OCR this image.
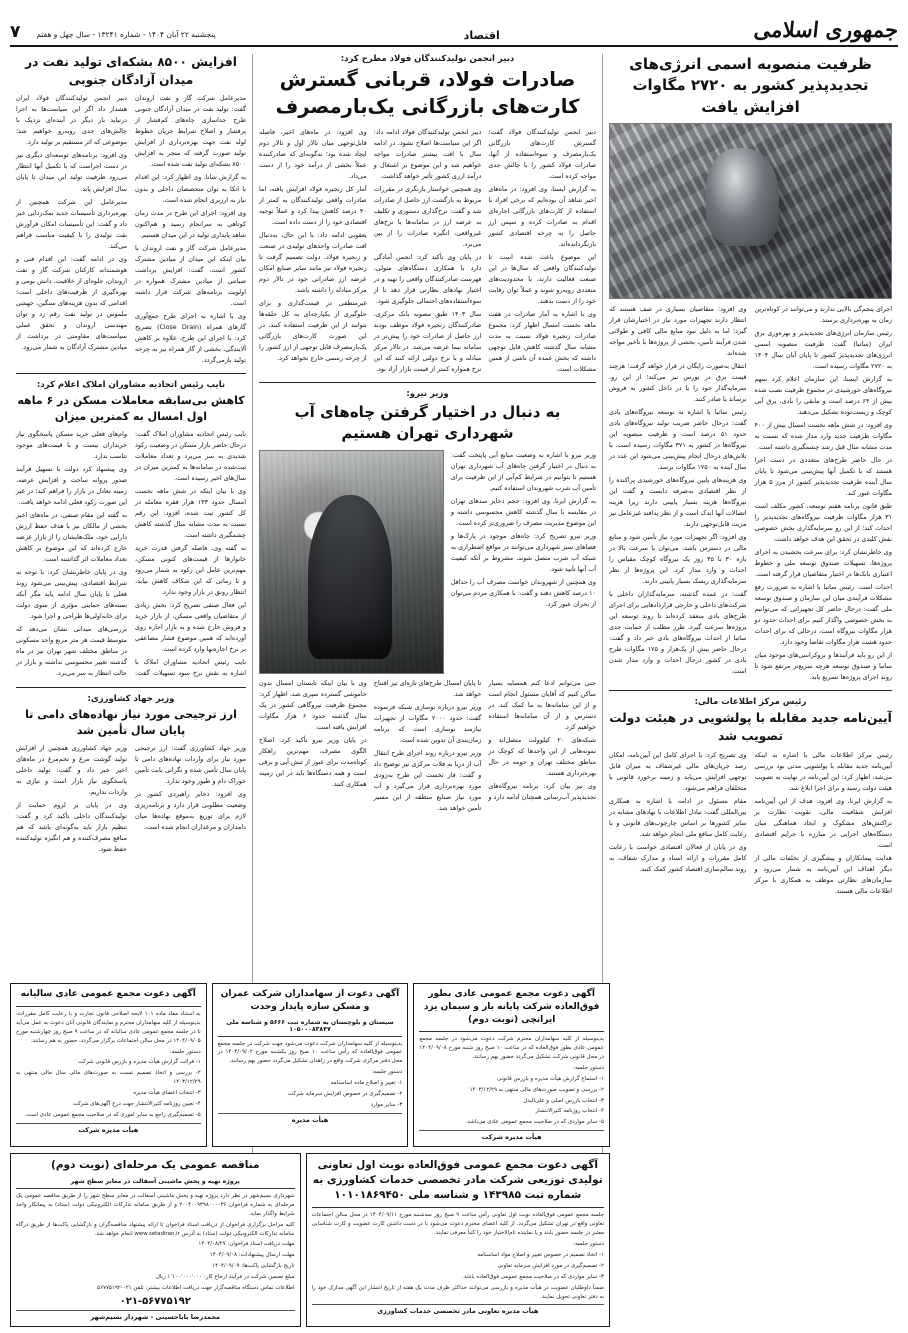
جمهوری اسلامی
اقتصاد
پنجشنبه ۲۲ آبان ۱۴۰۴ - شماره ۱۳۲۴۱ - سال چهل و هفتم
۷
ظرفیت منصوبه اسمی انرژی‌های تجدیدپذیر کشور به ۲۷۲۰ مگاوات افزایش یافت

اجرای پنجم‌گی بالایی ندارند و می‌توانند در کوتاه‌ترین زمان به بهره‌برداری برسند.

رئیس سازمان انرژی‌های تجدیدپذیر و بهره‌وری برق ایران (ساتبا) گفت: ظرفیت منصوبه اسمی انرژی‌های تجدیدپذیر کشور تا پایان آبان سال ۱۴۰۴ به ۲۷۲۰ مگاوات رسیده است.

به گزارش ایسنا، این سازمان اعلام کرد سهم نیروگاه‌های خورشیدی در مجموع ظرفیت نصب شده بیش از ۶۴ درصد است و مابقی را بادی، برق آبی کوچک و زیست‌توده تشکیل می‌دهند.

وی افزود: در شش ماهه نخست امسال بیش از ۴۰۰ مگاوات ظرفیت جدید وارد مدار شده که نسبت به مدت مشابه سال قبل رشد چشمگیری داشته است.

در حال حاضر طرح‌های متعددی در دست اجرا هستند که با تکمیل آنها پیش‌بینی می‌شود تا پایان سال آینده ظرفیت تجدیدپذیر کشور از مرز ۵ هزار مگاوات عبور کند.

طبق قانون برنامه هفتم توسعه، کشور مکلف است ۳۱ هزار مگاوات ظرفیت نیروگاه‌های تجدیدپذیر را احداث کند؛ از این رو سرمایه‌گذاری بخش خصوصی نقش کلیدی در تحقق این هدف خواهد داشت.

وی خاطرنشان کرد: برای سرعت بخشیدن به اجرای پروژه‌ها، تسهیلات صندوق توسعه ملی و خطوط اعتباری بانک‌ها در اختیار متقاضیان قرار گرفته است.

احداث است. رئیس ساتبا با اشاره به ضرورت رفع مشکلات فرآیندی میان این سازمان و صندوق توسعه ملی گفت: درحال حاضر کل تجهیزاتی که می‌توانیم به بخش خصوصی واگذار کنیم برای احداث حدود دو هزار مگاوات نیروگاه است، درحالی که برای احداث حدود هشت هزار مگاوات تقاضا وجود دارد.

از این رو باید فرآیندها و بروکراسی‌های موجود میان ساتبا و صندوق توسعه هرچه سریع‌تر مرتفع شود تا روند اجرای پروژه‌ها تسریع یابد.

وی افزود: متقاضیان بسیاری در صف هستند که انتظار دارند تجهیزات مورد نیاز در اختیارشان قرار گیرد؛ اما به دلیل نبود منابع مالی کافی و طولانی شدن فرآیند تأمین، بخشی از پروژه‌ها با تأخیر مواجه شده‌اند.

انتقال به‌صورت رایگان در قرار خواهد گرفت؛ هرچند قیمت برق در بورس نیز می‌کند؛ از این رو، سرمایه‌گذار خود را یا در داخل کشور به فروش برساند یا صادر کنند.

رئیس ساتبا با اشاره به توسعه نیروگاه‌های بادی گفت: درحال حاضر ضریب تولید نیروگاه‌های بادی حدود ۵۱ درصد است و ظرفیت منصوبه این نیروگاه‌ها در کشور به ۳۷۱ مگاوات رسیده است. با تلاش‌های درحال انجام پیش‌بینی می‌شود این عدد در سال آینده به ۱۷۵۰ مگاوات برسد.

وی هزینه‌های پایین نیروگاه‌های خورشیدی پراکنده را از نظر اقتصادی به‌صرفه دانست و گفت این نیروگاه‌ها هزینه بسیار پایینی دارند زیرا هزینه اتصالات آنها اندک است و از نظر پدافند غیرعامل نیز مزیت قابل‌توجهی دارند.

وی افزود: اگر تجهیزات مورد نیاز تأمین شود و منابع مالی در دسترس باشد، می‌توان با سرعت بالا در بازه ۳۰ تا ۴۵ روز یک نیروگاه کوچک مقیاس را احداث و وارد مدار کرد. این پروژه‌ها از نظر سرمایه‌گذاری ریسک بسیار پایینی دارند.

گفت: در عمده گذشته، سرمایه‌گذاران داخلی با شرکت‌های داخلی و خارجی قراردادهایی برای اجرای طرح‌های بادی منعقد کرده‌اند تا روند توسعه این پروژه‌ها سرعت گیرد، طرز مطلب از حمایت جدی ساتبا از احداث نیروگاه‌های بادی خبر داد و گفت: درحال حاضر بیش از یک‌هزار و ۱۷۵ مگاوات طرح بادی در کشور درحال احداث و وارد مدار شدن است.

رئیس مرکز اطلاعات مالی:
آیین‌نامه جدید مقابله با پولشویی در هیئت دولت تصویب شد

رئیس مرکز اطلاعات مالی با اشاره به اینکه آیین‌نامه جدید مقابله با پولشویی مدتی بود بررسی می‌شد، اظهار کرد: این آیین‌نامه در نهایت به تصویب هیئت دولت رسید و برای اجرا ابلاغ شد.

به گزارش ایرنا، وی افزود: هدف از این آیین‌نامه افزایش شفافیت مالی، تقویت نظارت بر تراکنش‌های مشکوک و ایجاد هماهنگی میان دستگاه‌های اجرایی در مبارزه با جرایم اقتصادی است.

هدایت پیمانکاران و پیشگیری از تخلفات مالی از دیگر اهداف این آیین‌نامه به شمار می‌رود و سازمان‌های نظارتی موظف به همکاری با مرکز اطلاعات مالی هستند.

وی تصریح کرد: با اجرای کامل این آیین‌نامه، امکان رصد جریان‌های مالی غیرشفاف به میزان قابل توجهی افزایش می‌یابد و زمینه برخورد قانونی با متخلفان فراهم می‌شود.

مقام مسئول در ادامه با اشاره به همکاری بین‌المللی گفت: تبادل اطلاعات با نهادهای مشابه در سایر کشورها بر اساس چارچوب‌های قانونی و با رعایت کامل منافع ملی انجام خواهد شد.

وی در پایان از فعالان اقتصادی خواست با رعایت کامل مقررات و ارائه اسناد و مدارک شفاف، به روند سالم‌سازی اقتصاد کشور کمک کنند.

دبیر انجمن تولیدکنندگان فولاد مطرح کرد:
صادرات فولاد، قربانی گسترش کارت‌های بازرگانی یک‌بارمصرف

دبیر انجمن تولیدکنندگان فولاد گفت: گسترش کارت‌های بازرگانی یک‌بارمصرف و سوءاستفاده از آنها، صادرات فولاد کشور را با چالش جدی مواجه کرده است.

به گزارش ایسنا، وی افزود: در ماه‌های اخیر شاهد آن بوده‌ایم که برخی افراد با استفاده از کارت‌های بازرگانی اجاره‌ای اقدام به صادرات کرده و سپس ارز حاصل را به چرخه اقتصادی کشور بازنگردانده‌اند.

این موضوع باعث شده است تا تولیدکنندگان واقعی که سال‌ها در این صنعت فعالیت دارند، با محدودیت‌های متعددی روبه‌رو شوند و عملاً توان رقابت خود را از دست بدهند.

وی با اشاره به آمار صادرات در هفت ماهه نخست امسال اظهار کرد: مجموع صادرات زنجیره فولاد نسبت به مدت مشابه سال گذشته کاهش قابل توجهی داشته که بخش عمده آن ناشی از همین مشکلات است.

دبیر انجمن تولیدکنندگان فولاد ادامه داد: اگر این سیاست‌ها اصلاح نشود، در ادامه سال با افت بیشتر صادرات مواجه خواهیم شد و این موضوع بر اشتغال و درآمد ارزی کشور تأثیر خواهد گذاشت.

وی همچنین خواستار بازنگری در مقررات مربوط به بازگشت ارز حاصل از صادرات شد و گفت: نرخ‌گذاری دستوری و تکلیف به عرضه ارز در سامانه‌ها با نرخ‌های غیرواقعی، انگیزه صادرات را از بین می‌برد.

در پایان وی تأکید کرد: انجمن آمادگی دارد با همکاری دستگاه‌های متولی، فهرست صادرکنندگان واقعی را تهیه و در اختیار نهادهای نظارتی قرار دهد تا از سوءاستفاده‌های احتمالی جلوگیری شود.

سال ۱۴۰۳ طبق مصوبه بانک مرکزی، صادرکنندگان زنجیره فولاد موظف بودند ارز حاصل از صادرات خود را پیش‌تر در سامانه نیما عرضه می‌شد. در تالار مرکز مبادله و با نرخ دولتی ارائه کنند که این نرخ همواره کمتر از قیمت بازار آزاد بود.

وی افزود: در ماه‌های اخیر، فاصله قابل‌توجهی میان تالار اول و تالار دوم ایجاد شده بود؛ به‌گونه‌ای که صادرکننده عملاً بخشی از درآمد خود را از دست می‌داد.

آمار کل زنجیره فولاد افزایش یافته، اما صادرات واقعی تولیدکنندگان به کمتر از ۴۰ درصد کاهش پیدا کرد و عملاً توجیه اقتصادی خود را از دست داده است.

یعقوبی ادامه داد: با این حال، به‌دنبال افت صادرات واحدهای تولیدی در صنعت و زنجیره فولاد، دولت تصمیم گرفت تا زنجیره فولاد نیز مانند سایر صنایع امکان عرضه ارز صادراتی خود در تالار دوم مرکز مبادله را داشته باشد.

غیرمنطقی در قیمت‌گذاری و برای جلوگیری از یکپارچه‌ای به کل حلقه‌ها بتوانند از این ظرفیت استفاده کنند، در این صورت کارت‌های بازرگانی یک‌بارمصرف قابل توجهی از ارز کشور را از چرخه رسمی خارج نخواهد کرد.

وزیر نیرو:
به دنبال در اختیار گرفتن چاه‌های آب شهرداری تهران هستیم

وزیر نیرو با اشاره به وضعیت منابع آبی پایتخت گفت: به دنبال در اختیار گرفتن چاه‌های آب شهرداری تهران هستیم تا بتوانیم در شرایط کم‌آبی از این ظرفیت برای تأمین آب شرب شهروندان استفاده کنیم.

به گزارش ایرنا، وی افزود: حجم ذخایر سدهای تهران در مقایسه با سال گذشته کاهش محسوسی داشته و این موضوع مدیریت مصرف را ضروری‌تر کرده است.

وزیر نیرو تصریح کرد: چاه‌های موجود در پارک‌ها و فضاهای سبز شهرداری می‌توانند در مواقع اضطراری به شبکه آب شرب متصل شوند، مشروط بر آنکه کیفیت آب آنها تأیید شود.

وی همچنین از شهروندان خواست مصرف آب را حداقل ۱۰ درصد کاهش دهند و گفت: با همکاری مردم می‌توان از بحران عبور کرد.

حتی می‌توانم ادعا کنم همسایه بسیار ساکن کنیم که آقایان مسئول انجام است و از این سامانه‌ها به ما کمک کند، در دسترس و از آن سامانه‌ها استفاده خواهیم کرد.

شبکه‌های ۲۰ کیلوولت متصل‌اند و نمونه‌هایی از این واحدها که کوچک در مناطق مختلف تهران و حومه در حال بهره‌برداری هستند.

وی نیز بیان کرد: برنامه نیروگاه‌های تجدیدپذیر آب‌رسانی همچنان ادامه دارد و تا پایان امسال طرح‌های تازه‌ای نیز افتتاح خواهد شد.

وزیر نیرو درباره نوسازی شبکه فرسوده گفت: حدود ۲۰۰۰ مگاوات از تجهیزات نیازمند نوسازی است که برنامه زمان‌بندی آن تدوین شده است.

وزیر نیرو درباره روند اجرای طرح انتقال آب از دریا به فلات مرکزی نیز توضیح داد و گفت: فاز نخست این طرح به‌زودی مورد بهره‌برداری قرار می‌گیرد و آب مورد نیاز صنایع منطقه از این مسیر تأمین خواهد شد.

وی با بیان اینکه تابستان امسال بدون خاموشی گسترده سپری شد، اظهار کرد: مجموع ظرفیت نیروگاهی کشور در یک سال گذشته حدود ۶ هزار مگاوات افزایش یافته است.

در پایان وزیر نیرو تأکید کرد: اصلاح الگوی مصرف، مهم‌ترین راهکار کوتاه‌مدت برای عبور از تنش آبی و برقی است و همه دستگاه‌ها باید در این زمینه همکاری کنند.

افزایش ۸۵۰۰ بشکه‌ای تولید نفت در میدان آزادگان جنوبی

مدیرعامل شرکت گاز و نفت اروندان گفت: تولید نفت در میدان آزادگان جنوبی طرح جداسازی چاه‌های کم‌فشار از پرفشار و اصلاح شرایط جریان خطوط لوله نفت جهت بهره‌برداری از افزایش تولید صورت گرفته که منجر به افزایش ۸۵۰۰ بشکه‌ای تولید نفت شده است.

به گزارش شانا، وی اظهار کرد: این اقدام با اتکا به توان متخصصان داخلی و بدون نیاز به ارزبری انجام شده است.

وی افزود: اجرای این طرح در مدت زمان کوتاهی به سرانجام رسید و هم‌اکنون شاهد پایداری تولید در این میدان هستیم.

مدیرعامل شرکت گاز و نفت اروندان با بیان اینکه این میدان از میادین مشترک کشور است، گفت: افزایش برداشت صیانتی از میادین مشترک همواره در اولویت برنامه‌های شرکت قرار داشته است.

وی با اشاره به اجرای طرح جمع‌آوری گازهای همراه (Close Drain) تصریح کرد: با اجرای این طرح، علاوه بر کاهش آلایندگی، بخشی از گاز همراه نیز به چرخه تولید بازمی‌گردد.

دبیر انجمن تولیدکنندگان فولاد ایران هشدار داد اگر این سیاست‌ها به اجرا درنیاید بار دیگر در آینده‌ای نزدیک با چالش‌های جدی روبه‌رو خواهیم شد؛ موضوعی که اثر مستقیم بر تولید دارد.

وی افزود: برنامه‌های توسعه‌ای دیگری نیز در دست اجراست که با تکمیل آنها انتظار می‌رود ظرفیت تولید این میدان تا پایان سال افزایش یابد.

مدیرعامل این شرکت همچنین از بهره‌برداری تأسیسات جدید نمک‌زدایی خبر داد و گفت: این تأسیسات امکان فرآورش نفت تولیدی را با کیفیت مناسب فراهم می‌کند.

وی در ادامه گفت: این اقدام فنی و هوشمندانه کارکنان شرکت گاز و نفت اروندان، جلوه‌ای از خلاقیت، دانش بومی و بهره‌گیری از ظرفیت‌های داخلی است؛ اقدامی که بدون هزینه‌های سنگین، جهشی ملموس در تولید نفت رقم زد و توان مهندسی اروندان و تحقق عملی سیاست‌های مقاومتی در برداشت از میادین مشترک آزادگان به شمار می‌رود.

نایب رئیس اتحادیه مشاوران املاک اعلام کرد:
کاهش بی‌سابقه معاملات مسکن در ۶ ماهه اول امسال به کمترین میزان

نایب رئیس اتحادیه مشاوران املاک گفت: درحال حاضر بازار مسکن در وضعیت رکود شدیدی به سر می‌برد و تعداد معاملات ثبت‌شده در سامانه‌ها به کمترین میزان در سال‌های اخیر رسیده است.

وی با بیان اینکه در شش ماهه نخست امسال حدود ۱۳۳ هزار فقره معامله در کل کشور ثبت شده، افزود: این رقم نسبت به مدت مشابه سال گذشته کاهش چشمگیری داشته است.

به گفته وی، فاصله گرفتن قدرت خرید خانوارها از قیمت‌های کنونی مسکن، مهم‌ترین عامل این رکود به شمار می‌رود و تا زمانی که این شکاف کاهش نیابد، انتظار رونق در بازار وجود ندارد.

این فعال صنفی تصریح کرد: بخش زیادی از متقاضیان واقعی مسکن، از بازار خرید و فروش خارج شده و به بازار اجاره روی آورده‌اند که همین موضوع فشار مضاعفی بر نرخ اجاره‌بها وارد کرده است.

نایب رئیس اتحادیه مشاوران املاک با اشاره به نقش نرخ سود تسهیلات گفت: وام‌های فعلی خرید مسکن پاسخگوی نیاز خریداران نیست و با قیمت‌های موجود تناسب ندارد.

وی پیشنهاد کرد دولت با تسهیل فرآیند صدور پروانه ساخت و افزایش عرضه، زمینه تعادل در بازار را فراهم کند؛ در غیر این صورت رکود فعلی ادامه خواهد یافت.

به گفته این مقام صنفی، در ماه‌های اخیر بخشی از مالکان نیز با هدف حفظ ارزش دارایی خود، ملک‌هایشان را از بازار عرضه خارج کرده‌اند که این موضوع بر کاهش تعداد معاملات اثر گذاشته است.

وی در پایان خاطرنشان کرد: با توجه به شرایط اقتصادی، پیش‌بینی می‌شود روند فعلی تا پایان سال ادامه یابد مگر آنکه بسته‌های حمایتی مؤثری از سوی دولت برای خانه‌اولی‌ها طراحی و اجرا شود.

بررسی‌های میدانی نشان می‌دهد که متوسط قیمت هر متر مربع واحد مسکونی در مناطق مختلف شهر تهران نیز در ماه گذشته تغییر محسوسی نداشته و بازار در حالت انتظار به سر می‌برد.

وزیر جهاد کشاورزی:
ارز ترجیحی مورد نیاز نهاده‌های دامی تا پایان سال تأمین شد

وزیر جهاد کشاورزی گفت: ارز ترجیحی مورد نیاز برای واردات نهاده‌های دامی تا پایان سال تأمین شده و نگرانی بابت تأمین خوراک دام و طیور وجود ندارد.

وی افزود: ذخایر راهبردی کشور در وضعیت مطلوبی قرار دارد و برنامه‌ریزی لازم برای توزیع به‌موقع نهاده‌ها میان دامداران و مرغداران انجام شده است.

وزیر جهاد کشاورزی همچنین از افزایش تولید گوشت مرغ و تخم‌مرغ در ماه‌های اخیر خبر داد و گفت: تولید داخلی پاسخگوی نیاز بازار است و نیازی به واردات نداریم.

وی در پایان بر لزوم حمایت از تولیدکنندگان داخلی تأکید کرد و گفت: تنظیم بازار باید به‌گونه‌ای باشد که هم منافع مصرف‌کننده و هم انگیزه تولیدکننده حفظ شود.

آگهی دعوت مجمع عمومی عادی بطور فوق‌العاده شرکت پایانه بار و سیمان یزد ایرانچی (نوبت دوم)

بدینوسیله از کلیه سهامداران محترم شرکت دعوت می‌شود در جلسه مجمع عمومی عادی بطور فوق‌العاده که در ساعت ۱۰ صبح روز شنبه مورخ ۱۴۰۴/۰۹/۰۸ در محل قانونی شرکت تشکیل می‌گردد حضور بهم رسانند.

دستور جلسه:

۱- استماع گزارش هیأت مدیره و بازرس قانونی

۲- بررسی و تصویب صورت‌های مالی منتهی به ۱۴۰۳/۱۲/۲۹

۳- انتخاب بازرس اصلی و علی‌البدل

۴- انتخاب روزنامه کثیرالانتشار

۵- سایر مواردی که در صلاحیت مجمع عمومی عادی می‌باشد.

هیأت مدیره شرکت
آگهی دعوت از سهامداران شرکت عمران و مسکن سازه پایدار وحدت
سیستان و بلوچستان به شماره ثبت ۵۶۶۶ و شناسه ملی ۱۰۵۰۰۰۸۳۸۴۷

بدینوسیله از کلیه سهامداران شرکت دعوت می‌شود جهت شرکت در جلسه مجمع عمومی فوق‌العاده که رأس ساعت ۱۰ صبح روز یکشنبه مورخ ۱۴۰۴/۰۹/۰۲ در محل دفتر مرکزی شرکت واقع در زاهدان تشکیل می‌گردد حضور بهم رسانند.

دستور جلسه:

۱- تغییر و اصلاح ماده اساسنامه

۲- تصمیم‌گیری در خصوص افزایش سرمایه شرکت

۳- سایر موارد

هیأت مدیره
آگهی دعوت مجمع عمومی عادی سالیانه

به استناد مفاد ماده ۱۰۱ لایحه اصلاحی قانون تجارت و با رعایت کامل مقررات، بدینوسیله از کلیه سهامداران محترم و نمایندگان قانونی آنان دعوت به عمل می‌آید تا در جلسه مجمع عمومی عادی سالیانه که در ساعت ۹ صبح روز چهارشنبه مورخ ۱۴۰۴/۰۹/۰۵ در محل سالن اجتماعات برگزار می‌گردد، حضور به هم رسانند.

دستور جلسه:

۱- قرائت گزارش هیأت مدیره و بازرس قانونی شرکت

۲- بررسی و اتخاذ تصمیم نسبت به صورت‌های مالی سال مالی منتهی به ۱۴۰۳/۱۲/۲۹

۳- انتخاب اعضای هیأت مدیره

۴- تعیین روزنامه کثیرالانتشار جهت درج آگهی‌های شرکت

۵- تصمیم‌گیری راجع به سایر اموری که در صلاحیت مجمع عمومی عادی است.

هیأت مدیره شرکت
آگهی دعوت مجمع عمومی فوق‌العاده نوبت اول تعاونی تولیدی توزیعی شرکت مادر تخصصی خدمات کشاورزی به شماره ثبت ۱۴۳۹۸۵ و شناسه ملی ۱۰۱۰۱۸۶۹۴۵۰

جلسه مجمع عمومی فوق‌العاده نوبت اول تعاونی رأس ساعت ۹ صبح روز سه‌شنبه مورخ ۱۴۰۴/۰۹/۱۱ در محل سالن اجتماعات تعاونی واقع در تهران تشکیل می‌گردد. از کلیه اعضای محترم دعوت می‌شود با در دست داشتن کارت عضویت و کارت شناسایی معتبر در جلسه حضور یابند و یا نماینده تام‌الاختیار خود را کتباً معرفی نمایند.

دستور جلسه:

۱- اتخاذ تصمیم در خصوص تغییر و اصلاح مواد اساسنامه

۲- تصمیم‌گیری در مورد افزایش سرمایه تعاونی

۳- سایر مواردی که در صلاحیت مجمع عمومی فوق‌العاده باشد.

ضمناً داوطلبان عضویت در هیأت مدیره و بازرسی می‌توانند حداکثر ظرف مدت یک هفته از تاریخ انتشار این آگهی مدارک خود را به دفتر تعاونی تحویل نمایند.

هیأت مدیره تعاونی مادر تخصصی خدمات کشاورزی
مناقصه عمومی یک مرحله‌ای (نوبت دوم)
پروژه تهیه و پخش ماشینی آسفالت در معابر سطح شهر

شهرداری نسیم‌شهر در نظر دارد پروژه تهیه و پخش ماشینی آسفالت در معابر سطح شهر را از طریق مناقصه عمومی یک مرحله‌ای به شماره فراخوان ۲۰۰۴۰۰۹۳۹۸۰۰۰۰۳۶ و از طریق سامانه تدارکات الکترونیکی دولت (ستاد) به پیمانکار واجد شرایط واگذار نماید.

کلیه مراحل برگزاری فراخوان از دریافت اسناد فراخوان تا ارائه پیشنهاد مناقصه‌گران و بازگشایی پاکت‌ها از طریق درگاه سامانه تدارکات الکترونیکی دولت (ستاد) به آدرس www.setadiran.ir انجام خواهد شد.

مهلت دریافت اسناد فراخوان: ۱۴۰۴/۰۸/۲۷

مهلت ارسال پیشنهادات: ۱۴۰۴/۰۹/۰۸

تاریخ بازگشایی پاکت‌ها: ۱۴۰۴/۰۹/۰۹

مبلغ تضمین شرکت در فرآیند ارجاع کار: ۱٬۱۰۰٬۰۰۰٬۰۰۰ ریال

اطلاعات تماس دستگاه مناقصه‌گزار جهت دریافت اطلاعات بیشتر: تلفن ۰۲۱-۵۶۷۷۵۱۹۲

۰۲۱-۵۶۷۷۵۱۹۲
محمدرضا باباحسینی - شهردار نسیم‌شهر
